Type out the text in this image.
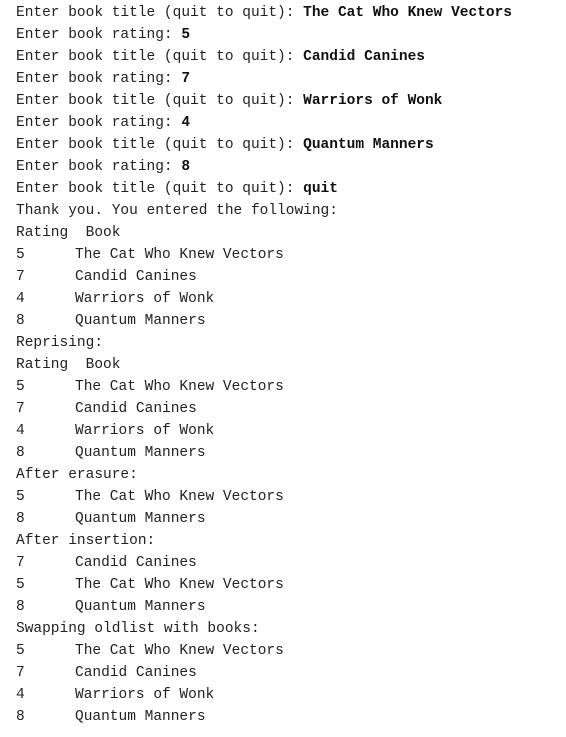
Enter book title (quit to quit): The Cat Who Knew Vectors
Enter book rating: 5
Enter book title (quit to quit): Candid Canines
Enter book rating: 7
Enter book title (quit to quit): Warriors of Wonk
Enter book rating: 4
Enter book title (quit to quit): Quantum Manners
Enter book rating: 8
Enter book title (quit to quit): quit
Thank you. You entered the following:
Rating  Book
5	The Cat Who Knew Vectors
7	Candid Canines
4	Warriors of Wonk
8	Quantum Manners
Reprising:
Rating  Book
5	The Cat Who Knew Vectors
7	Candid Canines
4	Warriors of Wonk
8	Quantum Manners
After erasure:
5	The Cat Who Knew Vectors
8	Quantum Manners
After insertion:
7	Candid Canines
5	The Cat Who Knew Vectors
8	Quantum Manners
Swapping oldlist with books:
5	The Cat Who Knew Vectors
7	Candid Canines
4	Warriors of Wonk
8	Quantum Manners
